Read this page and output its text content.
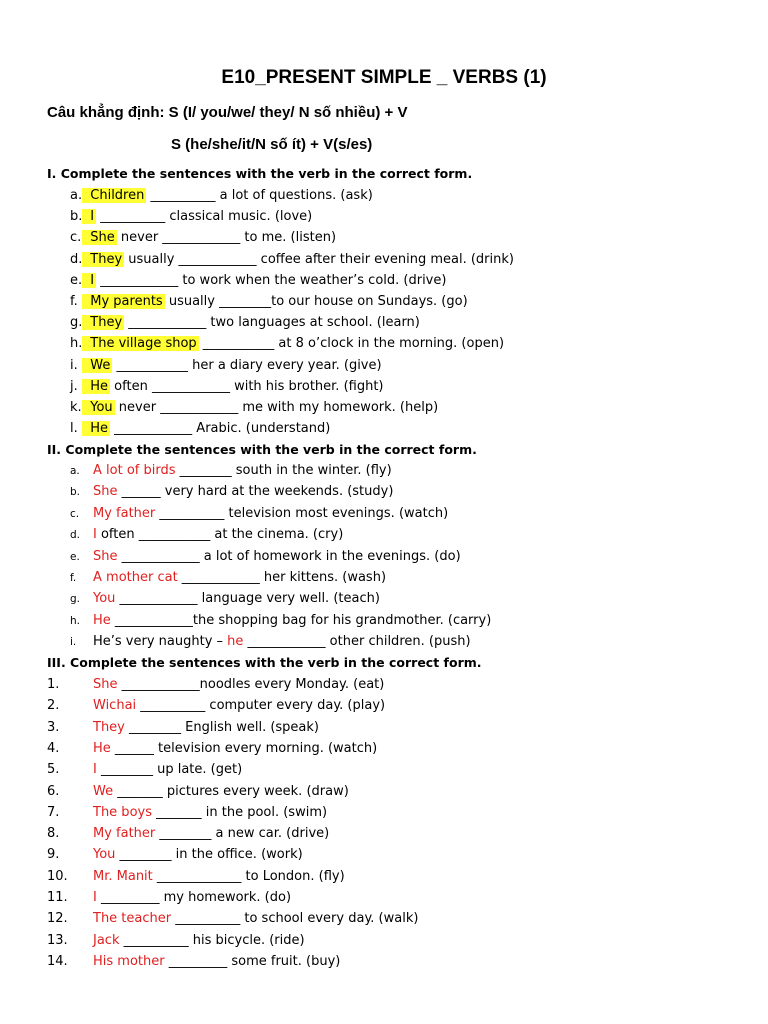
E10_PRESENT SIMPLE _ VERBS (1)
Câu khẳng định: S (I/ you/we/ they/ N số nhiều) + V
S (he/she/it/N số ít) + V(s/es)
I. Complete the sentences with the verb in the correct form.
a. Children __________ a lot of questions. (ask)
b. I __________ classical music. (love)
c. She never ____________ to me. (listen)
d. They usually ____________ coffee after their evening meal. (drink)
e. I ____________ to work when the weather’s cold. (drive)
f. My parents usually ________to our house on Sundays. (go)
g. They ____________ two languages at school. (learn)
h. The village shop ___________ at 8 o’clock in the morning. (open)
i. We ___________ her a diary every year. (give)
j. He often ____________ with his brother. (fight)
k. You never ____________ me with my homework. (help)
l. He ____________ Arabic. (understand)
II. Complete the sentences with the verb in the correct form.
a. A lot of birds ________ south in the winter. (fly)
b. She ______ very hard at the weekends. (study)
c. My father __________ television most evenings. (watch)
d. I often ___________ at the cinema. (cry)
e. She ____________ a lot of homework in the evenings. (do)
f. A mother cat ____________ her kittens. (wash)
g. You ____________ language very well. (teach)
h. He ____________the shopping bag for his grandmother. (carry)
i. He’s very naughty – he ____________ other children. (push)
III. Complete the sentences with the verb in the correct form.
1.	She ____________noodles every Monday. (eat)
2.	Wichai __________ computer every day. (play)
3.	They ________ English well. (speak)
4.	He ______ television every morning. (watch)
5.	I ________ up late. (get)
6.	We _______ pictures every week. (draw)
7.	The boys _______ in the pool. (swim)
8.	My father ________ a new car. (drive)
9.	You ________ in the office. (work)
10. Mr. Manit _____________ to London. (fly)
11. I _________ my homework. (do)
12. The teacher __________ to school every day. (walk)
13. Jack __________ his bicycle. (ride)
14. His mother _________ some fruit. (buy)
